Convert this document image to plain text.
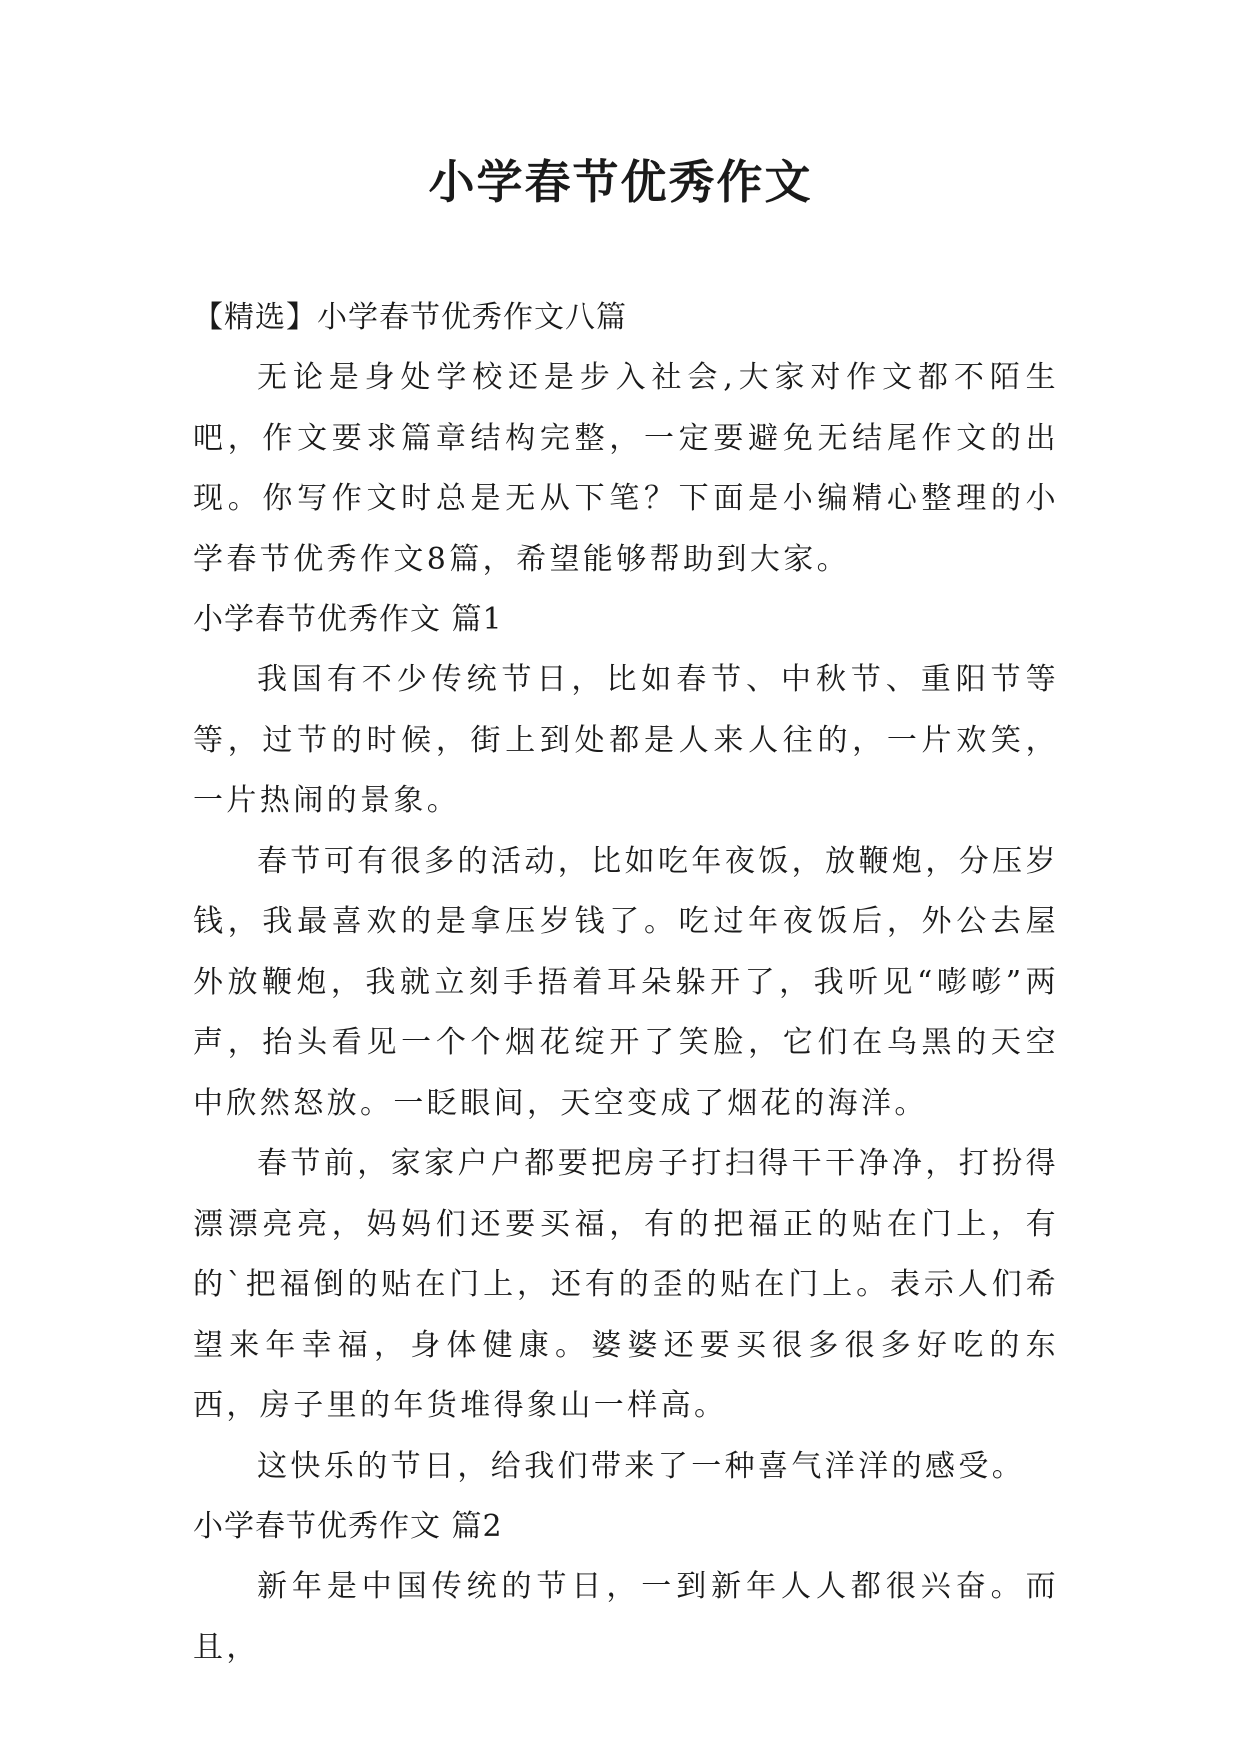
小学春节优秀作文

【精选】小学春节优秀作文八篇

无论是身处学校还是步入社会,大家对作文都不陌生吧，作文要求篇章结构完整，一定要避免无结尾作文的出现。你写作文时总是无从下笔？下面是小编精心整理的小学春节优秀作文8篇，希望能够帮助到大家。

小学春节优秀作文 篇1

我国有不少传统节日，比如春节、中秋节、重阳节等等，过节的时候，街上到处都是人来人往的，一片欢笑，一片热闹的景象。

春节可有很多的活动，比如吃年夜饭，放鞭炮，分压岁钱，我最喜欢的是拿压岁钱了。吃过年夜饭后，外公去屋外放鞭炮，我就立刻手捂着耳朵躲开了，我听见“嘭嘭”两声，抬头看见一个个烟花绽开了笑脸，它们在乌黑的天空中欣然怒放。一眨眼间，天空变成了烟花的海洋。

春节前，家家户户都要把房子打扫得干干净净，打扮得漂漂亮亮，妈妈们还要买福，有的把福正的贴在门上，有的`把福倒的贴在门上，还有的歪的贴在门上。表示人们希望来年幸福，身体健康。婆婆还要买很多很多好吃的东西，房子里的年货堆得象山一样高。

这快乐的节日，给我们带来了一种喜气洋洋的感受。

小学春节优秀作文 篇2

新年是中国传统的节日，一到新年人人都很兴奋。而且，
